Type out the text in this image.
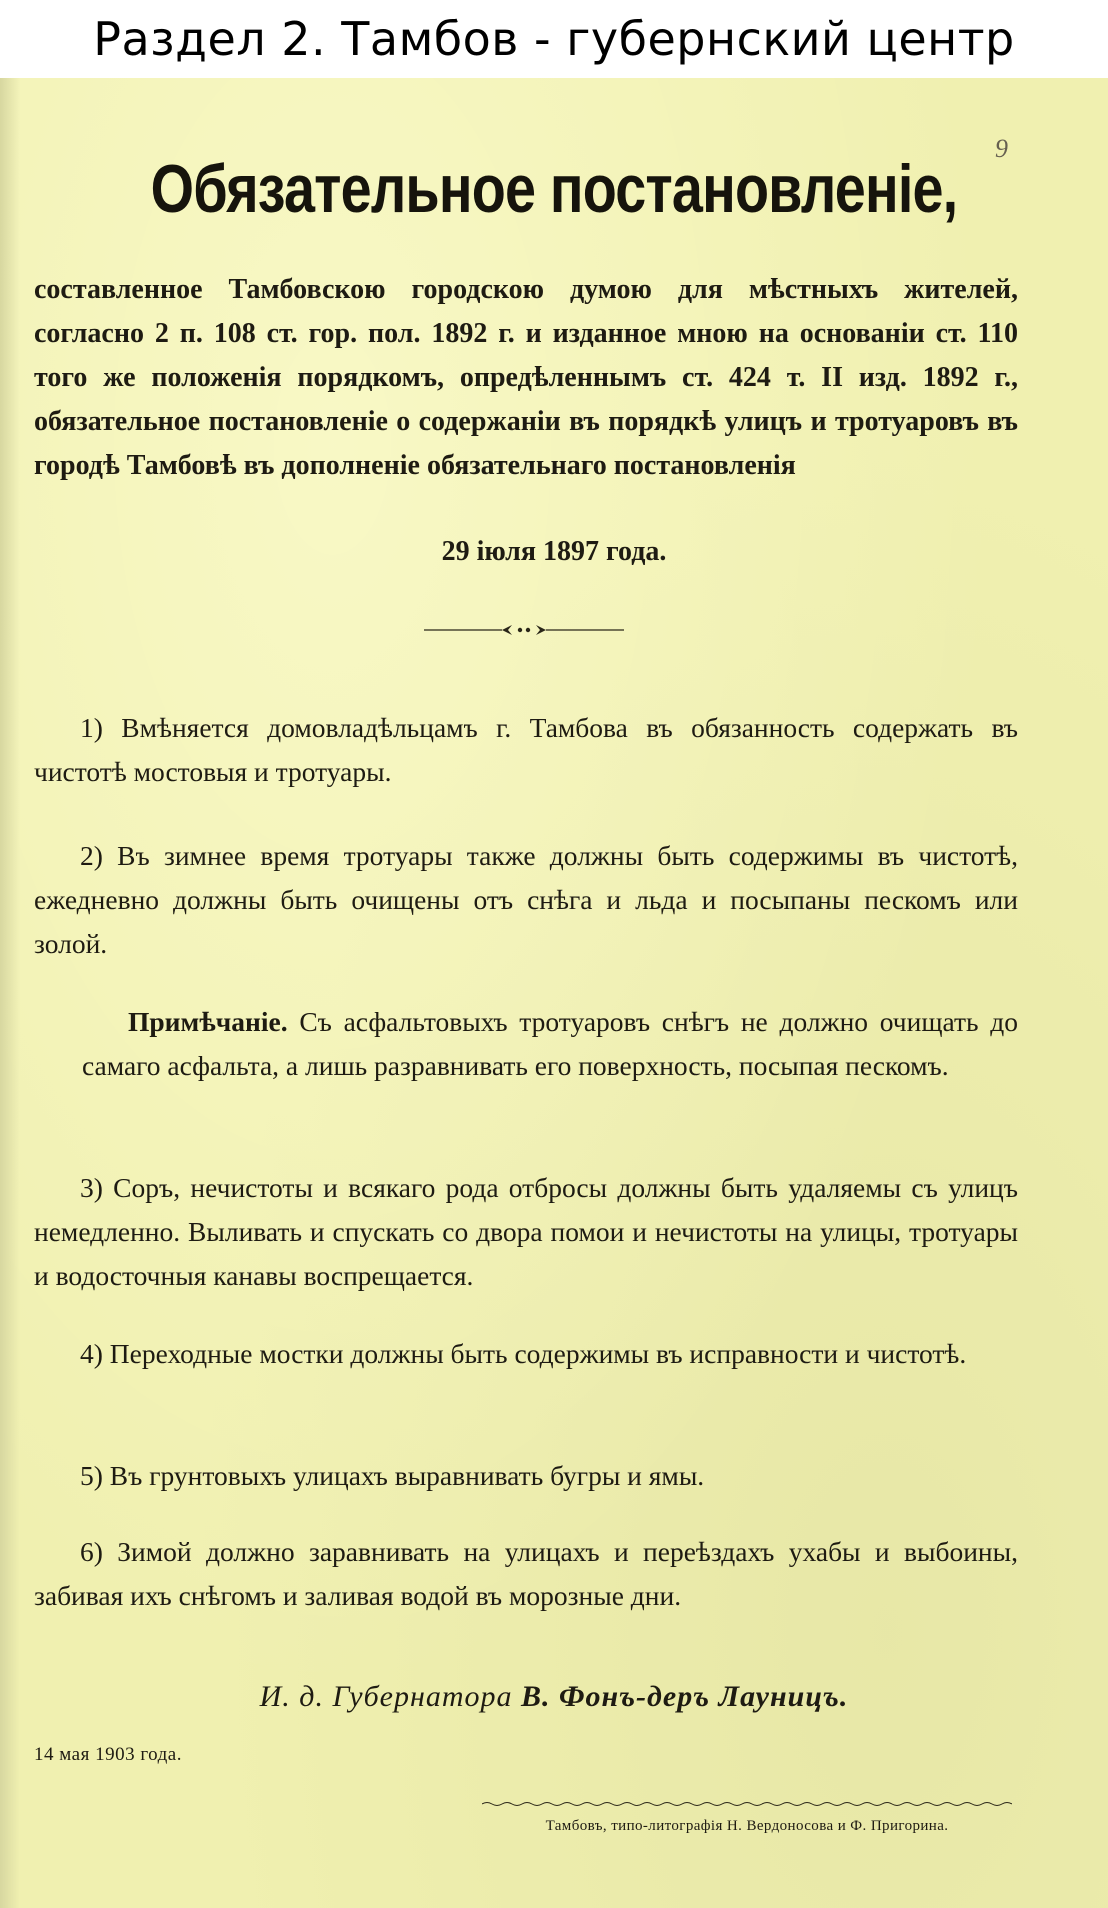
Раздел 2. Тамбов - губернский центр
9
Обязательное постановленіе,

составленное Тамбовскою городскою думою для мѣстныхъ жителей, согласно 2 п. 108 ст. гор. пол. 1892 г. и изданное мною на основаніи ст. 110 того же положенія порядкомъ, опредѣленнымъ ст. 424 т. II изд. 1892 г., обязательное постановленіе о содержаніи въ порядкѣ улицъ и тротуаровъ въ городѣ Тамбовѣ въ дополненіе обязательнаго постановленія

29 іюля 1897 года.

1) Вмѣняется домовладѣльцамъ г. Тамбова въ обязанность содержать въ чистотѣ мостовыя и тротуары.

2) Въ зимнее время тротуары также должны быть содержимы въ чистотѣ, ежедневно должны быть очищены отъ снѣга и льда и посыпаны пескомъ или золой.

Примѣчаніе. Съ асфальтовыхъ тротуаровъ снѣгъ не должно очищать до самаго асфальта, а лишь разравнивать его поверхность, посыпая пескомъ.

3) Соръ, нечистоты и всякаго рода отбросы должны быть удаляемы съ улицъ немедленно. Выливать и спускать со двора помои и нечистоты на улицы, тротуары и водосточныя канавы воспрещается.

4) Переходные мостки должны быть содержимы въ исправности и чистотѣ.

5) Въ грунтовыхъ улицахъ выравнивать бугры и ямы.

6) Зимой должно заравнивать на улицахъ и переѣздахъ ухабы и выбоины, забивая ихъ снѣгомъ и заливая водой въ морозные дни.

И. д. Губернатора В. Фонъ-деръ Лауницъ.

14 мая 1903 года.

Тамбовъ, типо-литографія Н. Вердоносова и Ф. Пригорина.
